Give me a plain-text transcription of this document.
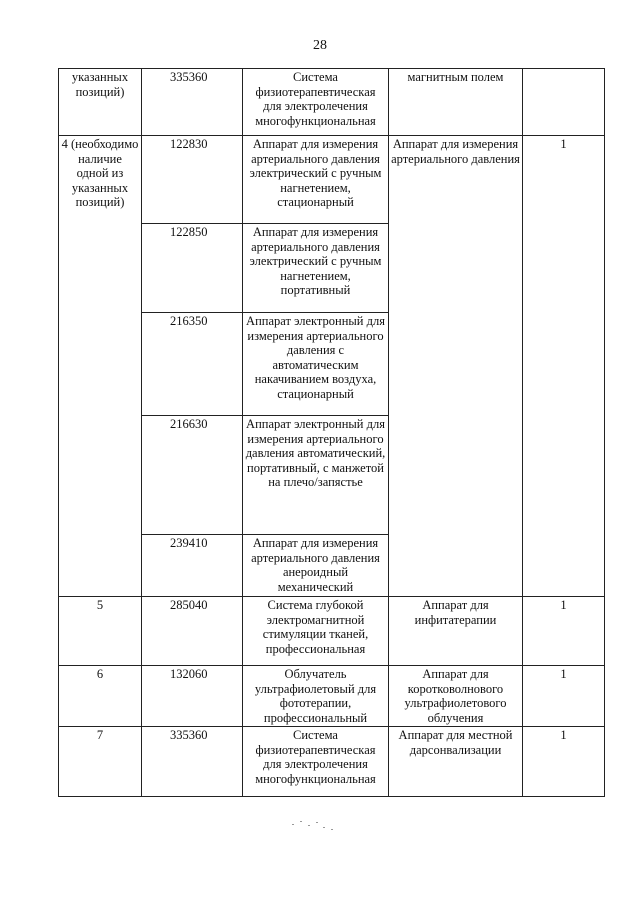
28
указанных позиций)	335360	Система физиотерапевтическая для электролечения многофункциональная	магнитным полем	
4 (необходимо наличие одной из указанных позиций)	122830	Аппарат для измерения артериального давления электрический с ручным нагнетением, стационарный	Аппарат для измерения артериального давления	1
	122850	Аппарат для измерения артериального давления электрический с ручным нагнетением, портативный		
	216350	Аппарат электронный для измерения артериального давления с автоматическим накачиванием воздуха, стационарный		
	216630	Аппарат электронный для измерения артериального давления автоматический, портативный, с манжетой на плечо/запястье		
	239410	Аппарат для измерения артериального давления анероидный механический		
5	285040	Система глубокой электромагнитной стимуляции тканей, профессиональная	Аппарат для инфитатерапии	1
6	132060	Облучатель ультрафиолетовый для фототерапии, профессиональный	Аппарат для коротковолнового ультрафиолетового облучения	1
7	335360	Система физиотерапевтическая для электролечения многофункциональная	Аппарат для местной дарсонвализации	1
